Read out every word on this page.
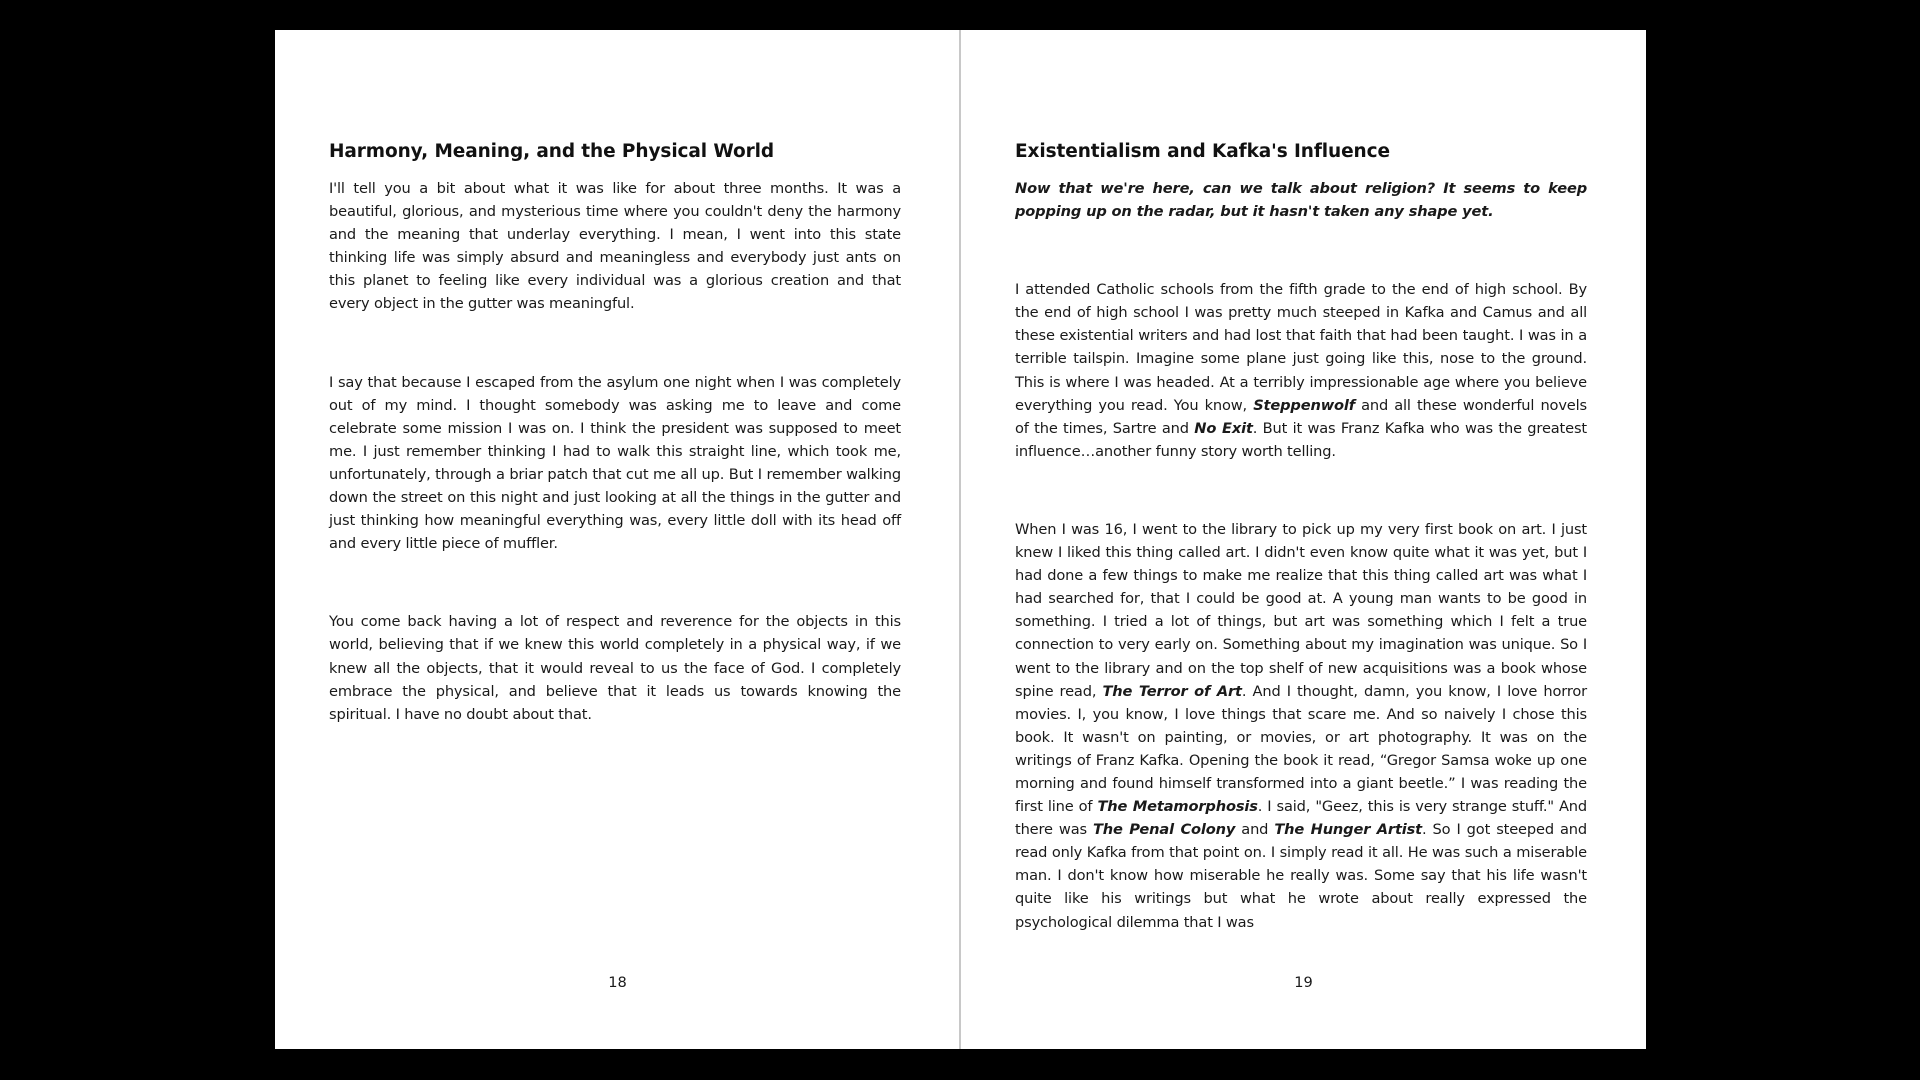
Harmony, Meaning, and the Physical World

I'll tell you a bit about what it was like for about three months. It was a beautiful, glorious, and mysterious time where you couldn't deny the harmony and the meaning that underlay everything. I mean, I went into this state thinking life was simply absurd and meaningless and everybody just ants on this planet to feeling like every individual was a glorious creation and that every object in the gutter was meaningful.

I say that because I escaped from the asylum one night when I was completely out of my mind. I thought somebody was asking me to leave and come celebrate some mission I was on. I think the president was supposed to meet me. I just remember thinking I had to walk this straight line, which took me, unfortunately, through a briar patch that cut me all up. But I remember walking down the street on this night and just looking at all the things in the gutter and just thinking how meaningful everything was, every little doll with its head off and every little piece of muffler.

You come back having a lot of respect and reverence for the objects in this world, believing that if we knew this world completely in a physical way, if we knew all the objects, that it would reveal to us the face of God. I completely embrace the physical, and believe that it leads us towards knowing the spiritual. I have no doubt about that.

18
Existentialism and Kafka's Influence

Now that we're here, can we talk about religion? It seems to keep popping up on the radar, but it hasn't taken any shape yet.

I attended Catholic schools from the fifth grade to the end of high school. By the end of high school I was pretty much steeped in Kafka and Camus and all these existential writers and had lost that faith that had been taught. I was in a terrible tailspin. Imagine some plane just going like this, nose to the ground. This is where I was headed. At a terribly impressionable age where you believe everything you read. You know, Steppenwolf and all these wonderful novels of the times, Sartre and No Exit. But it was Franz Kafka who was the greatest influence…another funny story worth telling.

When I was 16, I went to the library to pick up my very first book on art. I just knew I liked this thing called art. I didn't even know quite what it was yet, but I had done a few things to make me realize that this thing called art was what I had searched for, that I could be good at. A young man wants to be good in something. I tried a lot of things, but art was something which I felt a true connection to very early on. Something about my imagination was unique. So I went to the library and on the top shelf of new acquisitions was a book whose spine read, The Terror of Art. And I thought, damn, you know, I love horror movies. I, you know, I love things that scare me. And so naively I chose this book. It wasn't on painting, or movies, or art photography. It was on the writings of Franz Kafka. Opening the book it read, “Gregor Samsa woke up one morning and found himself transformed into a giant beetle.” I was reading the first line of The Metamorphosis. I said, "Geez, this is very strange stuff." And there was The Penal Colony and The Hunger Artist. So I got steeped and read only Kafka from that point on. I simply read it all. He was such a miserable man. I don't know how miserable he really was. Some say that his life wasn't quite like his writings but what he wrote about really expressed the psychological dilemma that I was

19
